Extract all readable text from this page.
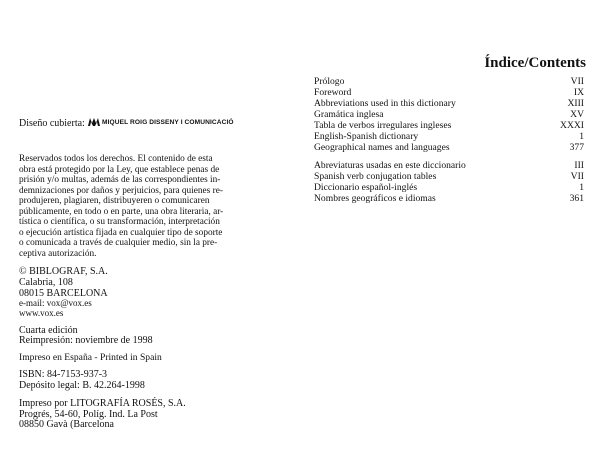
Diseño cubierta:	MIQUEL ROIG DISSENY I COMUNICACIÓ
Reservados todos los derechos. El contenido de esta
obra está protegido por la Ley, que establece penas de
prisión y/o multas, además de las correspondientes in-
demnizaciones por daños y perjuicios, para quienes re-
produjeren, plagiaren, distribuyeren o comunicaren
públicamente, en todo o en parte, una obra literaria, ar-
tística o científica, o su transformación, interpretación
o ejecución artística fijada en cualquier tipo de soporte
o comunicada a través de cualquier medio, sin la pre-
ceptiva autorización.
© BIBLOGRAF, S.A.
Calabria, 108
08015 BARCELONA
e-mail: vox@vox.es
www.vox.es
Cuarta edición
Reimpresión: noviembre de 1998
Impreso en España - Printed in Spain
ISBN: 84-7153-937-3
Depósito legal: B. 42.264-1998
Impreso por LITOGRAFÍA ROSÉS, S.A.
Progrés, 54-60, Políg. Ind. La Post
08850 Gavà (Barcelona
Índice/Contents
Prólogo	VII
Foreword	IX
Abbreviations used in this dictionary	XIII
Gramática inglesa	XV
Tabla de verbos irregulares ingleses	XXXI
English-Spanish dictionary	1
Geographical names and languages	377
Abreviaturas usadas en este diccionario	III
Spanish verb conjugation tables	VII
Diccionario español-inglés	1
Nombres geográficos e idiomas	361
